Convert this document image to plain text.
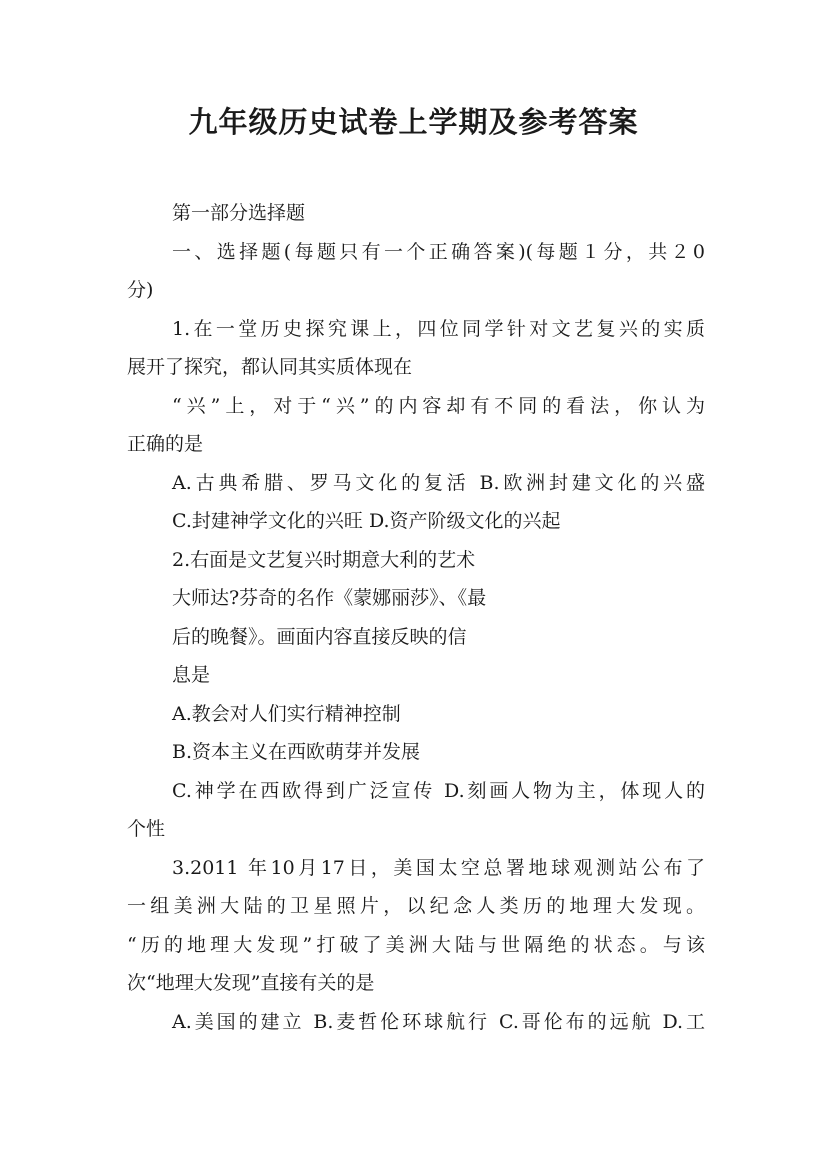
九年级历史试卷上学期及参考答案
第一部分选择题
一、选择题(每题只有一个正确答案)(每题１分，共２0
分)
1.在一堂历史探究课上，四位同学针对文艺复兴的实质
展开了探究，都认同其实质体现在
“兴”上，对于“兴”的内容却有不同的看法，你认为
正确的是
A.古典希腊、罗马文化的复活 B.欧洲封建文化的兴盛
C.封建神学文化的兴旺 D.资产阶级文化的兴起
2.右面是文艺复兴时期意大利的艺术
大师达?芬奇的名作《蒙娜丽莎》、《最
后的晚餐》。画面内容直接反映的信
息是
A.教会对人们实行精神控制
B.资本主义在西欧萌芽并发展
C.神学在西欧得到广泛宣传 D.刻画人物为主，体现人的
个性
3.2011 年10月17日，美国太空总署地球观测站公布了
一组美洲大陆的卫星照片，以纪念人类历的地理大发现。
“历的地理大发现”打破了美洲大陆与世隔绝的状态。与该
次“地理大发现”直接有关的是
A.美国的建立 B.麦哲伦环球航行 C.哥伦布的远航 D.工
